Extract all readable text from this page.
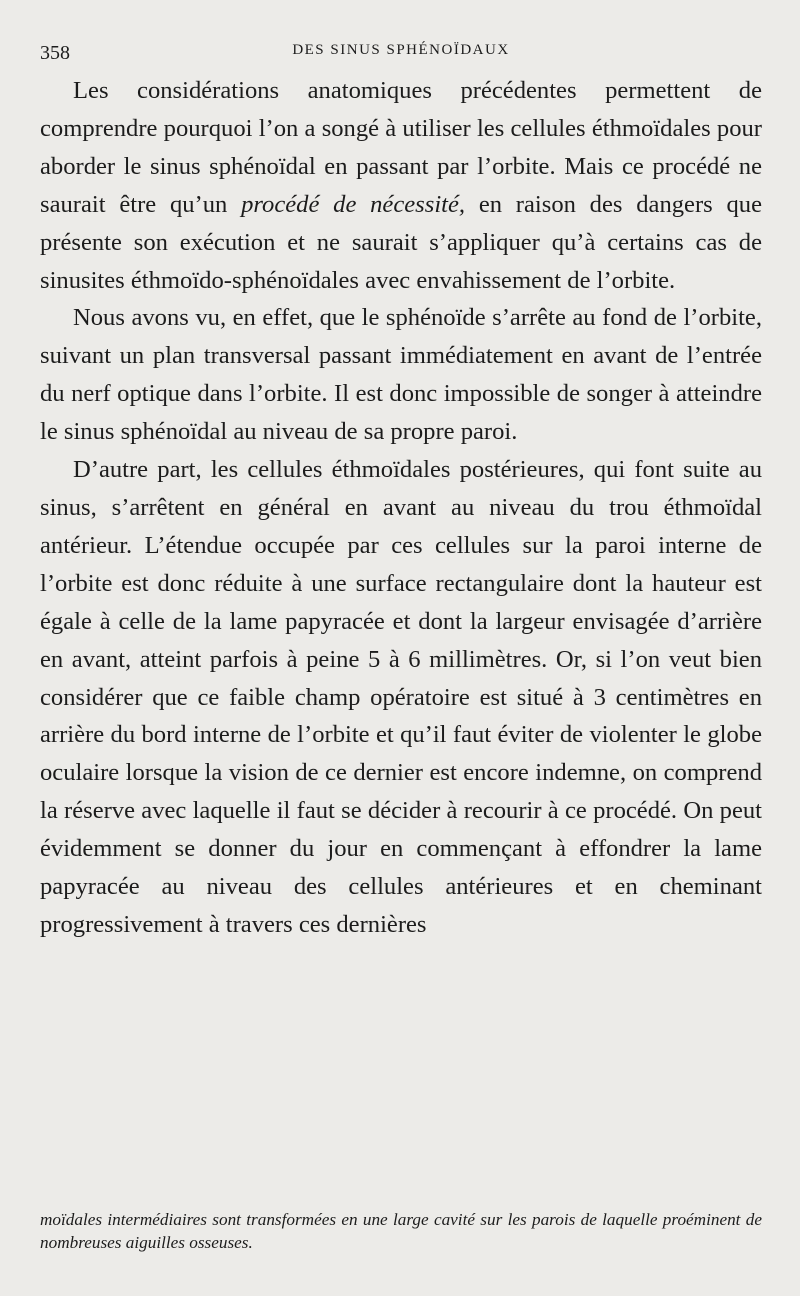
358	DES SINUS SPHÉNOÏDAUX

Les considérations anatomiques précédentes permettent de comprendre pourquoi l’on a songé à utiliser les cellules éthmoïdales pour aborder le sinus sphénoïdal en passant par l’orbite. Mais ce procédé ne saurait être qu’un procédé de nécessité, en raison des dangers que présente son exécution et ne saurait s’appliquer qu’à certains cas de sinusites éthmoïdo-sphénoïdales avec envahissement de l’orbite.

Nous avons vu, en effet, que le sphénoïde s’arrête au fond de l’orbite, suivant un plan transversal passant immédiatement en avant de l’entrée du nerf optique dans l’orbite. Il est donc impossible de songer à atteindre le sinus sphénoïdal au niveau de sa propre paroi.

D’autre part, les cellules éthmoïdales postérieures, qui font suite au sinus, s’arrêtent en général en avant au niveau du trou éthmoïdal antérieur. L’étendue occupée par ces cellules sur la paroi interne de l’orbite est donc réduite à une surface rectangulaire dont la hauteur est égale à celle de la lame papyracée et dont la largeur envisagée d’arrière en avant, atteint parfois à peine 5 à 6 millimètres. Or, si l’on veut bien considérer que ce faible champ opératoire est situé à 3 centimètres en arrière du bord interne de l’orbite et qu’il faut éviter de violenter le globe oculaire lorsque la vision de ce dernier est encore indemne, on comprend la réserve avec laquelle il faut se décider à recourir à ce procédé. On peut évidemment se donner du jour en commençant à effondrer la lame papyracée au niveau des cellules antérieures et en cheminant progressivement à travers ces dernières

moïdales intermédiaires sont transformées en une large cavité sur les parois de laquelle proéminent de nombreuses aiguilles osseuses.
